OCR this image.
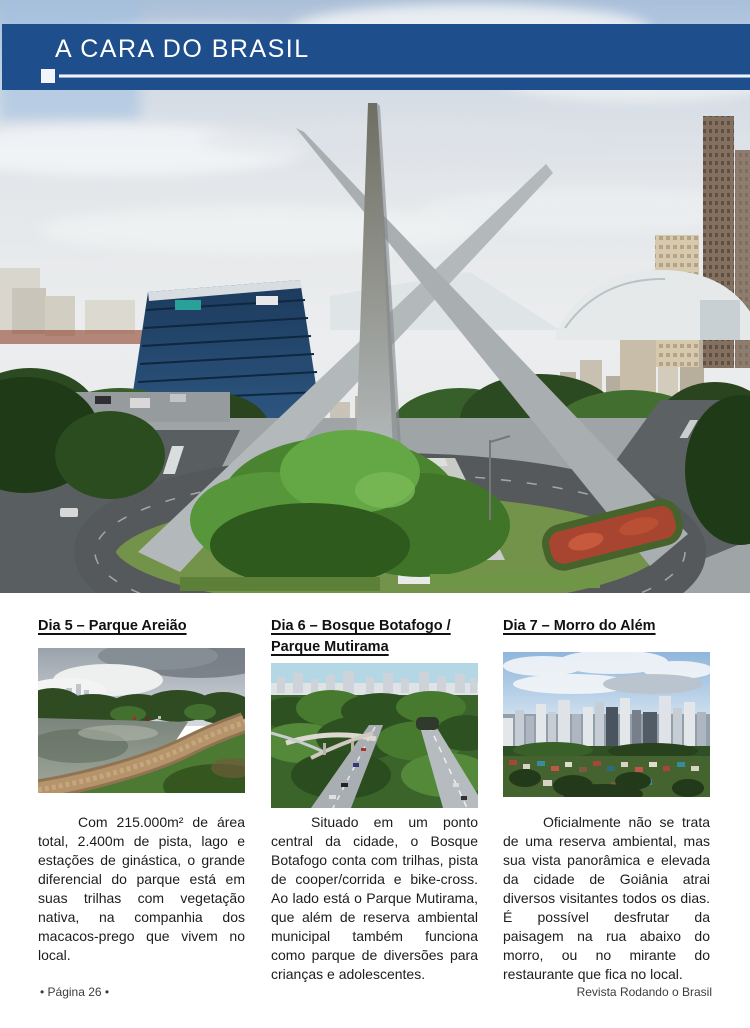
A CARA DO BRASIL
Dia 5 – Parque Areião
Com 215.000m² de área total, 2.400m de pista, lago e estações de ginástica, o grande diferencial do parque está em suas trilhas com vegetação nativa, na companhia dos macacos-prego que vivem no local.
Dia 6 – Bosque Botafogo / Parque Mutirama
Situado em um ponto central da cidade, o Bosque Botafogo conta com trilhas, pista de cooper/corrida e bike-cross. Ao lado está o Parque Mutirama, que além de reserva ambiental municipal também funciona como parque de diversões para crianças e adolescentes.
Dia 7 – Morro do Além
Oficialmente não se trata de uma reserva ambiental, mas sua vista panorâmica e elevada da cidade de Goiânia atrai diversos visitantes todos os dias. É possível desfrutar da paisagem na rua abaixo do morro, ou no mirante do restaurante que fica no local.
• Página 26 •	Revista Rodando o Brasil
